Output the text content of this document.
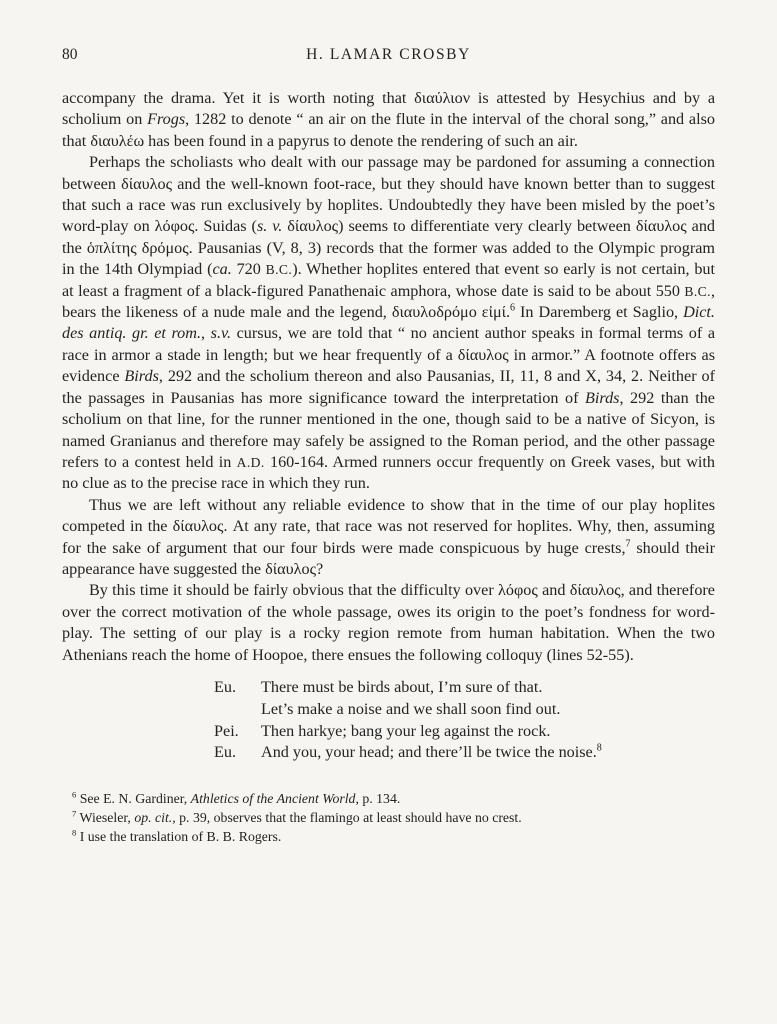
80	H. LAMAR CROSBY

accompany the drama. Yet it is worth noting that διαύλιον is attested by Hesychius and by a scholium on Frogs, 1282 to denote “ an air on the flute in the interval of the choral song,” and also that διαυλέω has been found in a papyrus to denote the rendering of such an air.

Perhaps the scholiasts who dealt with our passage may be pardoned for assuming a connection between δίαυλος and the well-known foot-race, but they should have known better than to suggest that such a race was run exclusively by hoplites. Undoubtedly they have been misled by the poet’s word-play on λόφος. Suidas (s. v. δίαυλος) seems to differentiate very clearly between δίαυλος and the ὁπλίτης δρόμος. Pausanias (V, 8, 3) records that the former was added to the Olympic program in the 14th Olympiad (ca. 720 B.C.). Whether hoplites entered that event so early is not certain, but at least a fragment of a black-figured Panathenaic amphora, whose date is said to be about 550 B.C., bears the likeness of a nude male and the legend, διαυλοδρόμο εἰμί.$^6$ In Daremberg et Saglio, Dict. des antiq. gr. et rom., s.v. cursus, we are told that “ no ancient author speaks in formal terms of a race in armor a stade in length; but we hear frequently of a δίαυλος in armor.” A footnote offers as evidence Birds, 292 and the scholium thereon and also Pausanias, II, 11, 8 and X, 34, 2. Neither of the passages in Pausanias has more significance toward the interpretation of Birds, 292 than the scholium on that line, for the runner mentioned in the one, though said to be a native of Sicyon, is named Granianus and therefore may safely be assigned to the Roman period, and the other passage refers to a contest held in A.D. 160-164. Armed runners occur frequently on Greek vases, but with no clue as to the precise race in which they run.

Thus we are left without any reliable evidence to show that in the time of our play hoplites competed in the δίαυλος. At any rate, that race was not reserved for hoplites. Why, then, assuming for the sake of argument that our four birds were made conspicuous by huge crests,$^7$ should their appearance have suggested the δίαυλος?

By this time it should be fairly obvious that the difficulty over λόφος and δίαυλος, and therefore over the correct motivation of the whole passage, owes its origin to the poet’s fondness for word-play. The setting of our play is a rocky region remote from human habitation. When the two Athenians reach the home of Hoopoe, there ensues the following colloquy (lines 52-55).

Eu.	There must be birds about, I’m sure of that.
Let’s make a noise and we shall soon find out.
Pei.	Then harkye; bang your leg against the rock.
Eu.	And you, your head; and there’ll be twice the noise.$^8$
$^6$ See E. N. Gardiner, Athletics of the Ancient World, p. 134.
$^7$ Wieseler, op. cit., p. 39, observes that the flamingo at least should have no crest.
$^8$ I use the translation of B. B. Rogers.
